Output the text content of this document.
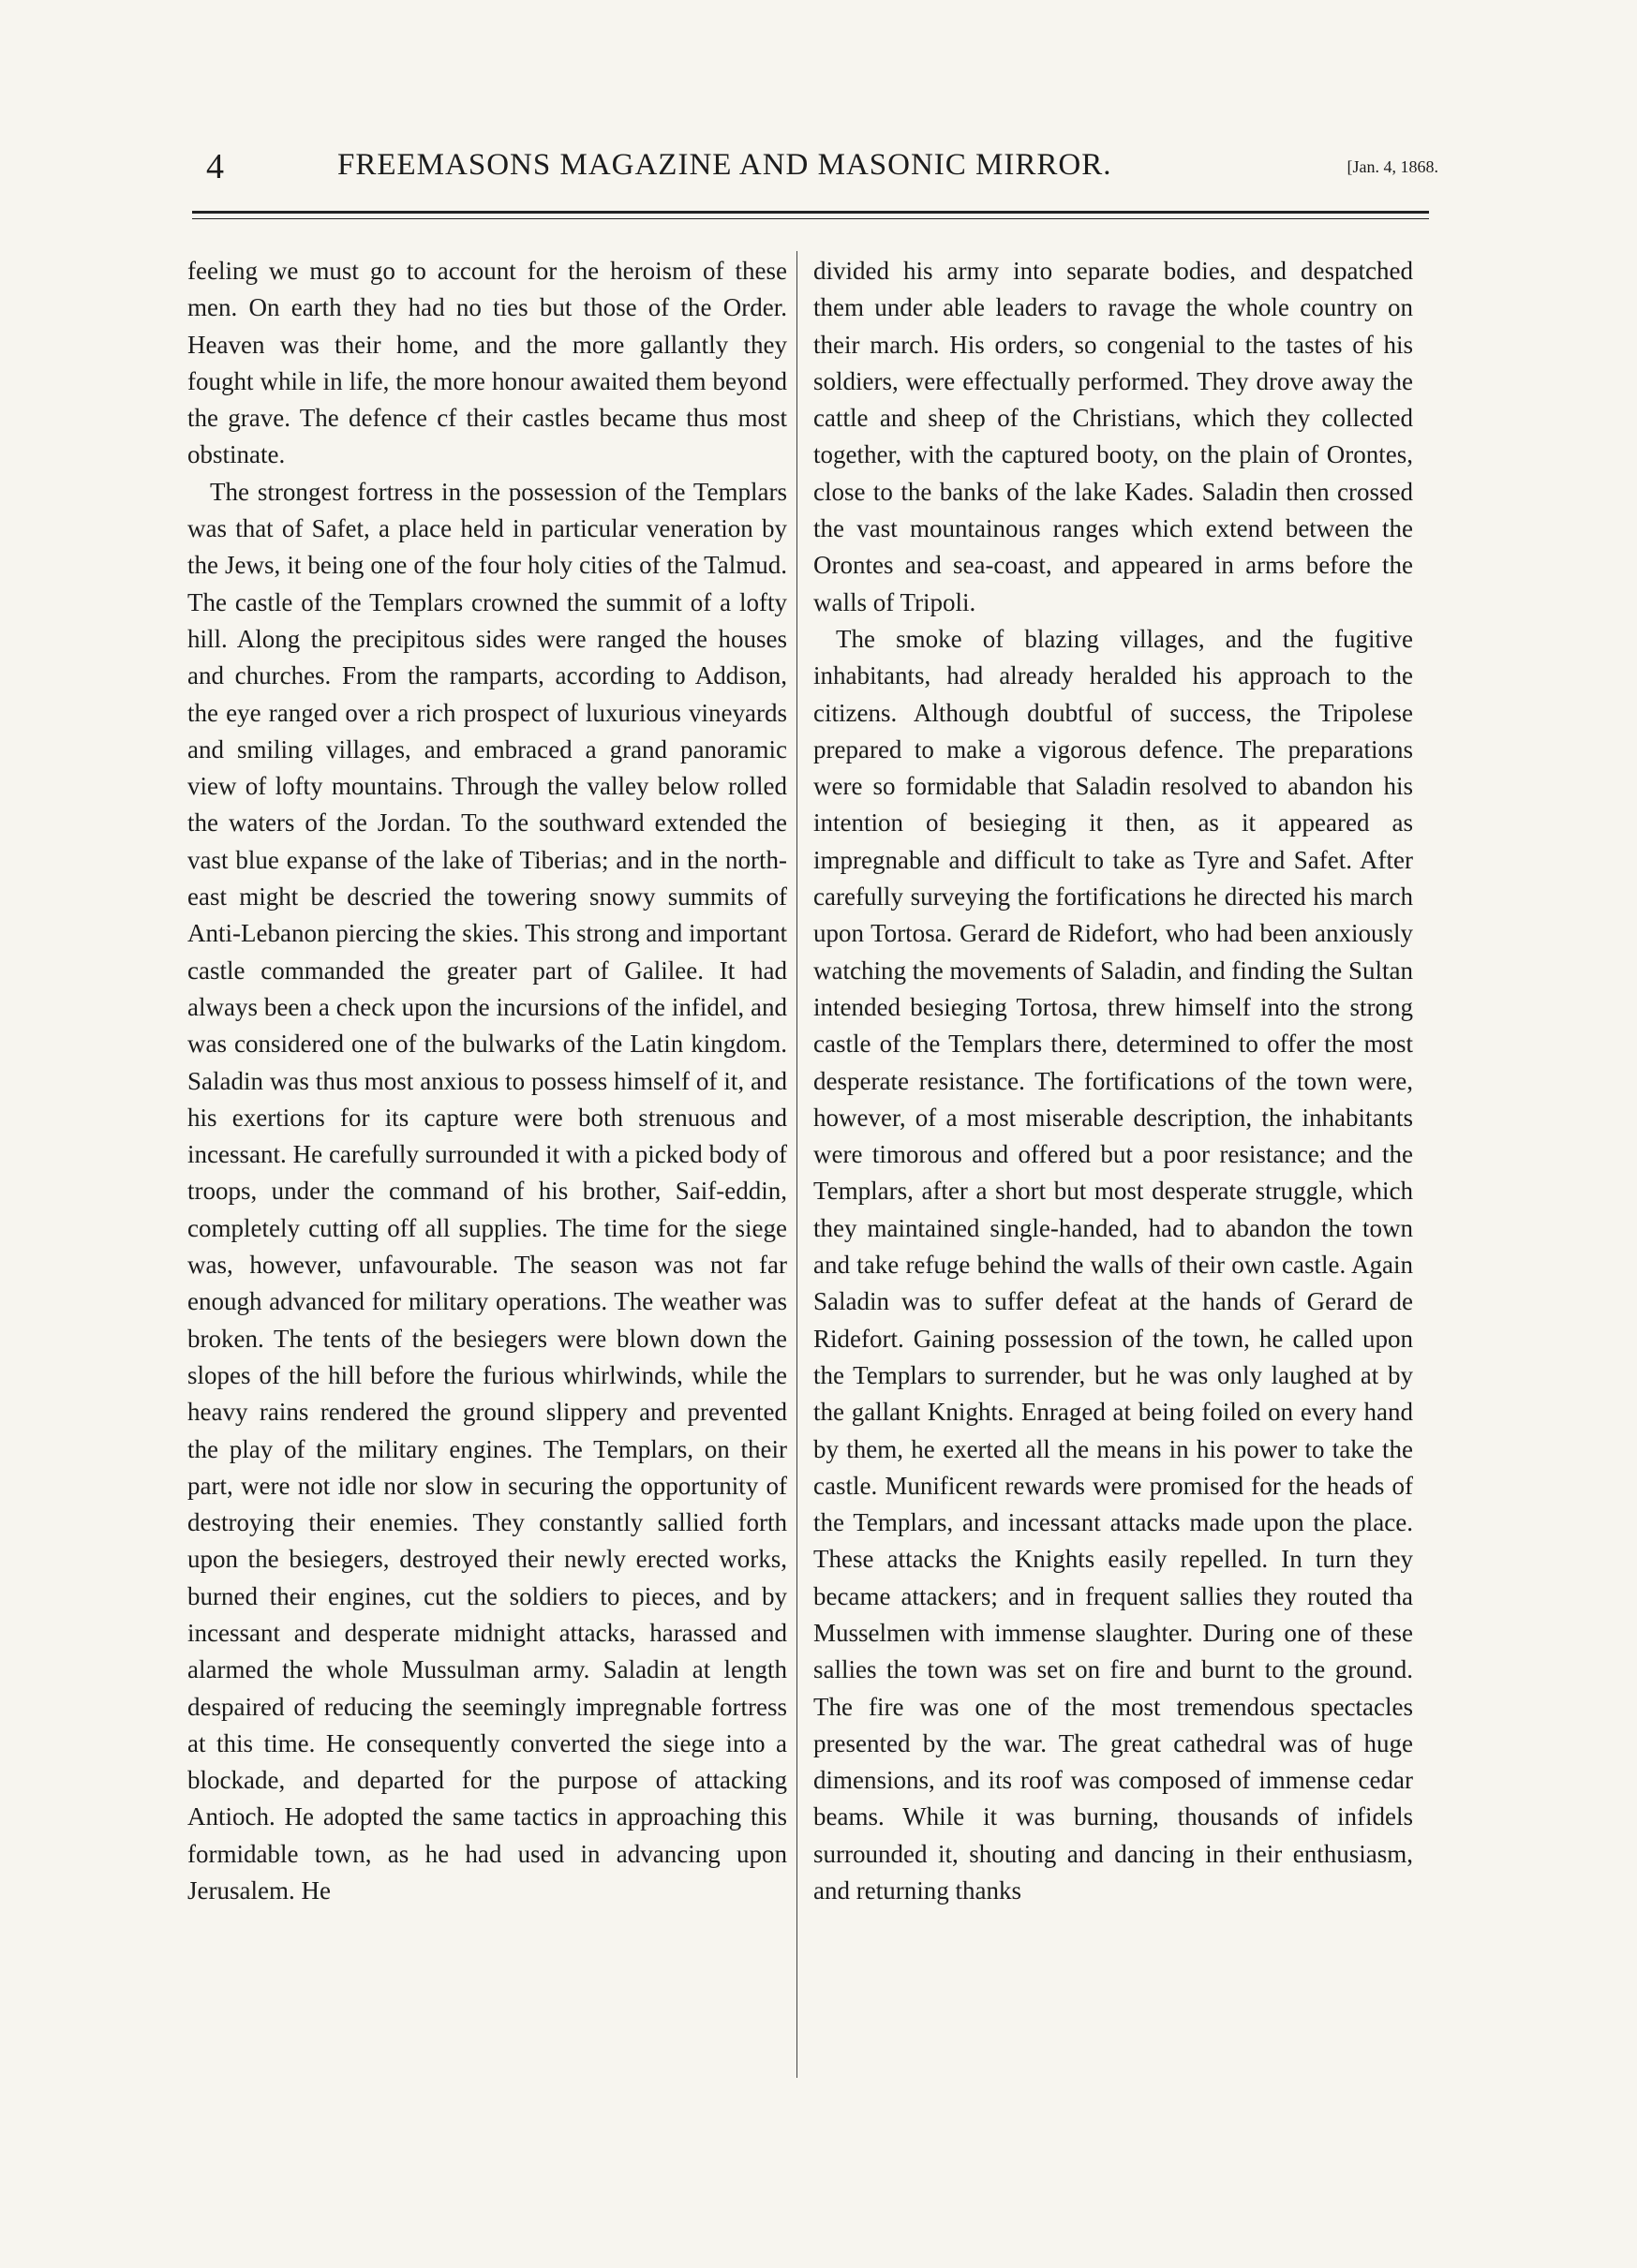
4	FREEMASONS MAGAZINE AND MASONIC MIRROR.	[Jan. 4, 1868.

feeling we must go to account for the heroism of these men. On earth they had no ties but those of the Order. Heaven was their home, and the more gallantly they fought while in life, the more honour awaited them beyond the grave. The defence cf their castles became thus most obstinate.

The strongest fortress in the possession of the Templars was that of Safet, a place held in particular veneration by the Jews, it being one of the four holy cities of the Talmud. The castle of the Templars crowned the summit of a lofty hill. Along the precipitous sides were ranged the houses and churches. From the ramparts, according to Addison, the eye ranged over a rich prospect of luxurious vineyards and smiling villages, and embraced a grand panoramic view of lofty mountains. Through the valley below rolled the waters of the Jordan. To the southward extended the vast blue expanse of the lake of Tiberias; and in the north-east might be descried the towering snowy summits of Anti-Lebanon piercing the skies. This strong and important castle commanded the greater part of Galilee. It had always been a check upon the incursions of the infidel, and was considered one of the bulwarks of the Latin kingdom. Saladin was thus most anxious to possess himself of it, and his exertions for its capture were both strenuous and incessant. He carefully surrounded it with a picked body of troops, under the command of his brother, Saif-eddin, completely cutting off all supplies. The time for the siege was, however, unfavourable. The season was not far enough advanced for military operations. The weather was broken. The tents of the besiegers were blown down the slopes of the hill before the furious whirlwinds, while the heavy rains rendered the ground slippery and prevented the play of the military engines. The Templars, on their part, were not idle nor slow in securing the opportunity of destroying their enemies. They constantly sallied forth upon the besiegers, destroyed their newly erected works, burned their engines, cut the soldiers to pieces, and by incessant and desperate midnight attacks, harassed and alarmed the whole Mussulman army. Saladin at length despaired of reducing the seemingly impregnable fortress at this time. He consequently converted the siege into a blockade, and departed for the purpose of attacking Antioch. He adopted the same tactics in approaching this formidable town, as he had used in advancing upon Jerusalem. He

divided his army into separate bodies, and despatched them under able leaders to ravage the whole country on their march. His orders, so congenial to the tastes of his soldiers, were effectually performed. They drove away the cattle and sheep of the Christians, which they collected together, with the captured booty, on the plain of Orontes, close to the banks of the lake Kades. Saladin then crossed the vast mountainous ranges which extend between the Orontes and sea-coast, and appeared in arms before the walls of Tripoli.

The smoke of blazing villages, and the fugitive inhabitants, had already heralded his approach to the citizens. Although doubtful of success, the Tripolese prepared to make a vigorous defence. The preparations were so formidable that Saladin resolved to abandon his intention of besieging it then, as it appeared as impregnable and difficult to take as Tyre and Safet. After carefully surveying the fortifications he directed his march upon Tortosa. Gerard de Ridefort, who had been anxiously watching the movements of Saladin, and finding the Sultan intended besieging Tortosa, threw himself into the strong castle of the Templars there, determined to offer the most desperate resistance. The fortifications of the town were, however, of a most miserable description, the inhabitants were timorous and offered but a poor resistance; and the Templars, after a short but most desperate struggle, which they maintained single-handed, had to abandon the town and take refuge behind the walls of their own castle. Again Saladin was to suffer defeat at the hands of Gerard de Ridefort. Gaining possession of the town, he called upon the Templars to surrender, but he was only laughed at by the gallant Knights. Enraged at being foiled on every hand by them, he exerted all the means in his power to take the castle. Munificent rewards were promised for the heads of the Templars, and incessant attacks made upon the place. These attacks the Knights easily repelled. In turn they became attackers; and in frequent sallies they routed tha Musselmen with immense slaughter. During one of these sallies the town was set on fire and burnt to the ground. The fire was one of the most tremendous spectacles presented by the war. The great cathedral was of huge dimensions, and its roof was composed of immense cedar beams. While it was burning, thousands of infidels surrounded it, shouting and dancing in their enthusiasm, and returning thanks
